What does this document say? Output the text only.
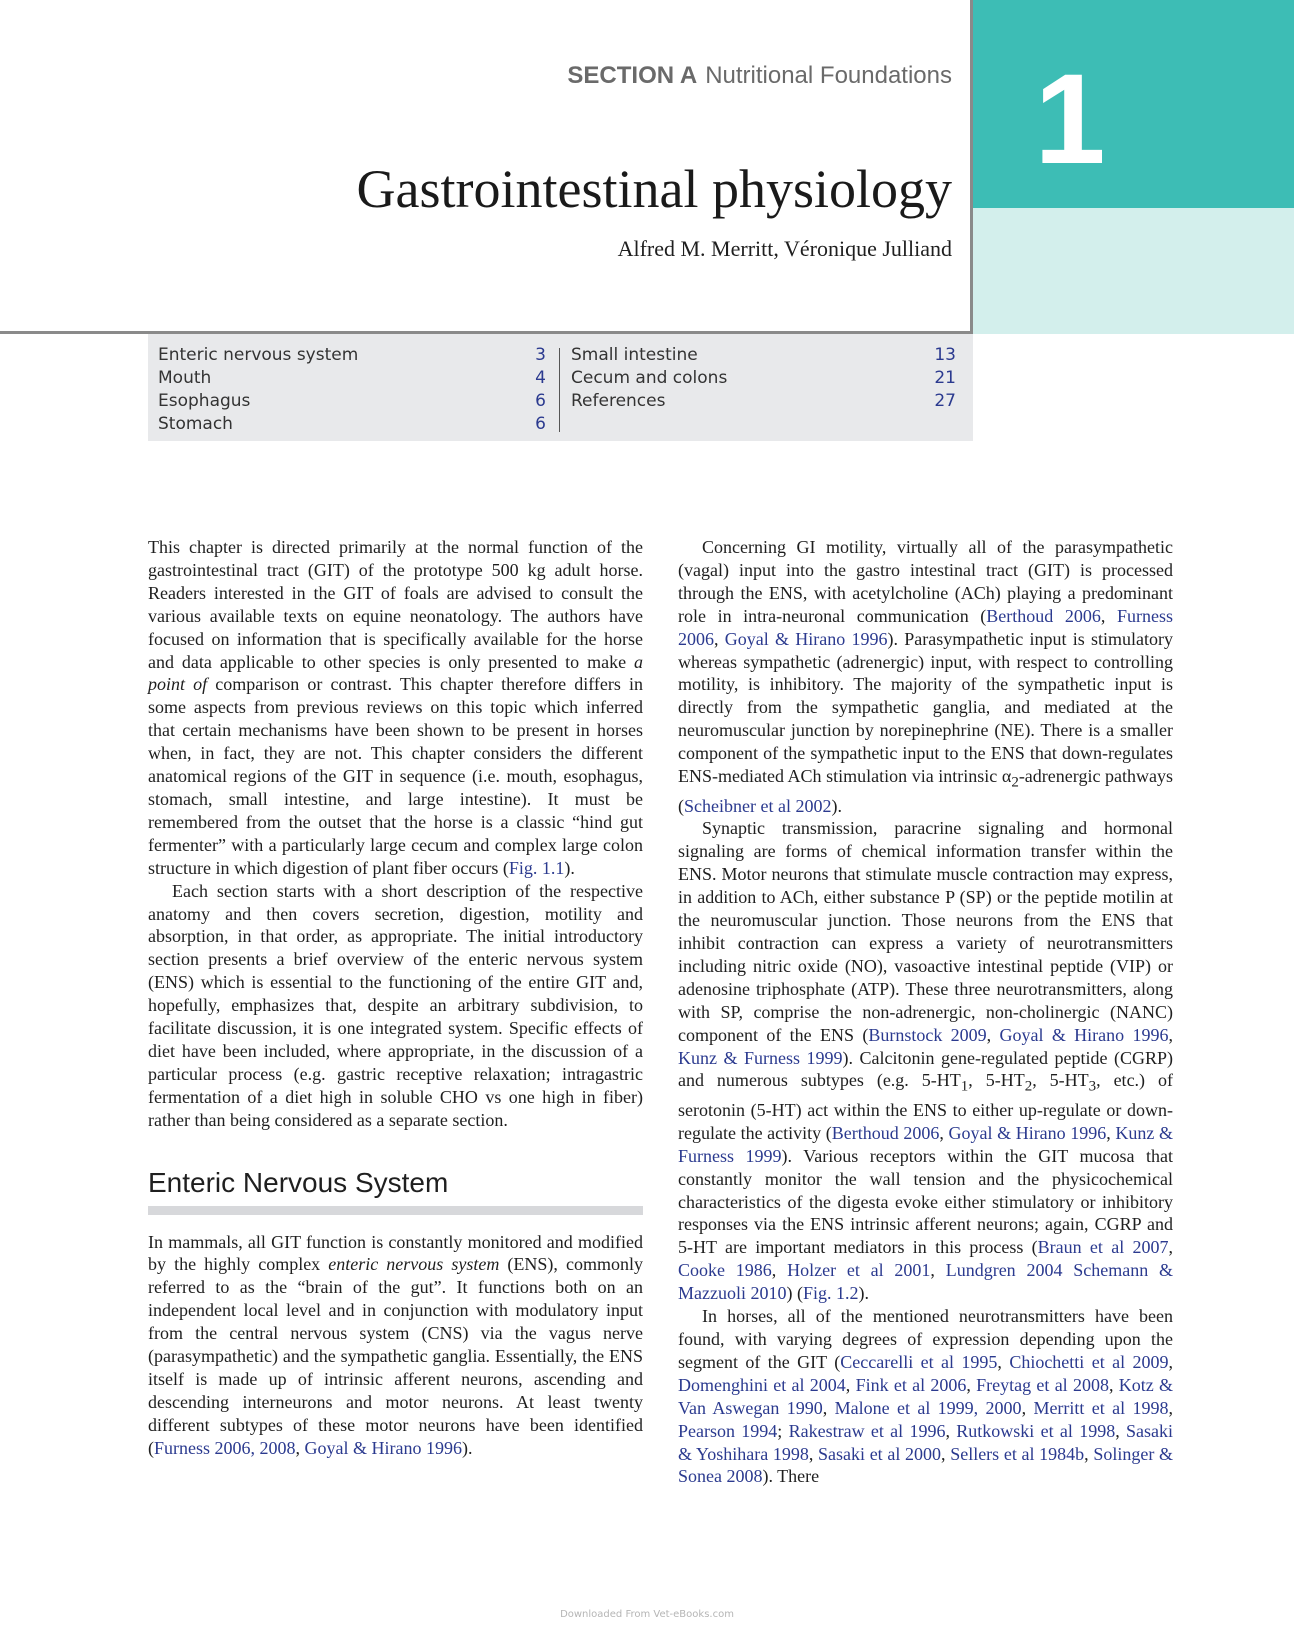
1
SECTION A Nutritional Foundations
Gastrointestinal physiology
Alfred M. Merritt, Véronique Julliand
Enteric nervous system	3
Mouth	4
Esophagus	6
Stomach	6
Small intestine	13
Cecum and colons	21
References	27

This chapter is directed primarily at the normal function of the gastrointestinal tract (GIT) of the prototype 500 kg adult horse. Readers interested in the GIT of foals are advised to consult the various available texts on equine neonatology. The authors have focused on information that is specifically available for the horse and data applicable to other species is only presented to make a point of comparison or contrast. This chapter therefore differs in some aspects from previous reviews on this topic which inferred that certain mechanisms have been shown to be present in horses when, in fact, they are not. This chapter considers the different anatomical regions of the GIT in sequence (i.e. mouth, esophagus, stomach, small intestine, and large intestine). It must be remembered from the outset that the horse is a classic “hind gut fermenter” with a particularly large cecum and complex large colon structure in which digestion of plant fiber occurs (Fig. 1.1).

Each section starts with a short description of the respective anatomy and then covers secretion, digestion, motility and absorption, in that order, as appropriate. The initial introductory section presents a brief overview of the enteric nervous system (ENS) which is essential to the functioning of the entire GIT and, hopefully, emphasizes that, despite an arbitrary subdivision, to facilitate discussion, it is one integrated system. Specific effects of diet have been included, where appropriate, in the discussion of a particular process (e.g. gastric receptive relaxation; intragastric fermentation of a diet high in soluble CHO vs one high in fiber) rather than being considered as a separate section.

Enteric Nervous System

In mammals, all GIT function is constantly monitored and modified by the highly complex enteric nervous system (ENS), commonly referred to as the “brain of the gut”. It functions both on an independent local level and in conjunction with modulatory input from the central nervous system (CNS) via the vagus nerve (parasympathetic) and the sympathetic ganglia. Essentially, the ENS itself is made up of intrinsic afferent neurons, ascending and descending interneurons and motor neurons. At least twenty different subtypes of these motor neurons have been identified (Furness 2006, 2008, Goyal & Hirano 1996).

Concerning GI motility, virtually all of the parasympathetic (vagal) input into the gastro intestinal tract (GIT) is processed through the ENS, with acetylcholine (ACh) playing a predominant role in intra-neuronal communication (Berthoud 2006, Furness 2006, Goyal & Hirano 1996). Parasympathetic input is stimulatory whereas sympathetic (adrenergic) input, with respect to controlling motility, is inhibitory. The majority of the sympathetic input is directly from the sympathetic ganglia, and mediated at the neuromuscular junction by norepinephrine (NE). There is a smaller component of the sympathetic input to the ENS that down-regulates ENS-mediated ACh stimulation via intrinsic $\alpha_2$-adrenergic pathways (Scheibner et al 2002).

Synaptic transmission, paracrine signaling and hormonal signaling are forms of chemical information transfer within the ENS. Motor neurons that stimulate muscle contraction may express, in addition to ACh, either substance P (SP) or the peptide motilin at the neuromuscular junction. Those neurons from the ENS that inhibit contraction can express a variety of neurotransmitters including nitric oxide (NO), vasoactive intestinal peptide (VIP) or adenosine triphosphate (ATP). These three neurotransmitters, along with SP, comprise the non-adrenergic, non-cholinergic (NANC) component of the ENS (Burnstock 2009, Goyal & Hirano 1996, Kunz & Furness 1999). Calcitonin gene-regulated peptide (CGRP) and numerous subtypes (e.g. $5-HT_1$, $5-HT_2$, $5-HT_3$, etc.) of serotonin (5-HT) act within the ENS to either up-regulate or down-regulate the activity (Berthoud 2006, Goyal & Hirano 1996, Kunz & Furness 1999). Various receptors within the GIT mucosa that constantly monitor the wall tension and the physicochemical characteristics of the digesta evoke either stimulatory or inhibitory responses via the ENS intrinsic afferent neurons; again, CGRP and 5-HT are important mediators in this process (Braun et al 2007, Cooke 1986, Holzer et al 2001, Lundgren 2004 Schemann & Mazzuoli 2010) (Fig. 1.2).

In horses, all of the mentioned neurotransmitters have been found, with varying degrees of expression depending upon the segment of the GIT (Ceccarelli et al 1995, Chiochetti et al 2009, Domenghini et al 2004, Fink et al 2006, Freytag et al 2008, Kotz & Van Aswegan 1990, Malone et al 1999, 2000, Merritt et al 1998, Pearson 1994; Rakestraw et al 1996, Rutkowski et al 1998, Sasaki & Yoshihara 1998, Sasaki et al 2000, Sellers et al 1984b, Solinger & Sonea 2008). There

Downloaded From Vet-eBooks.com
